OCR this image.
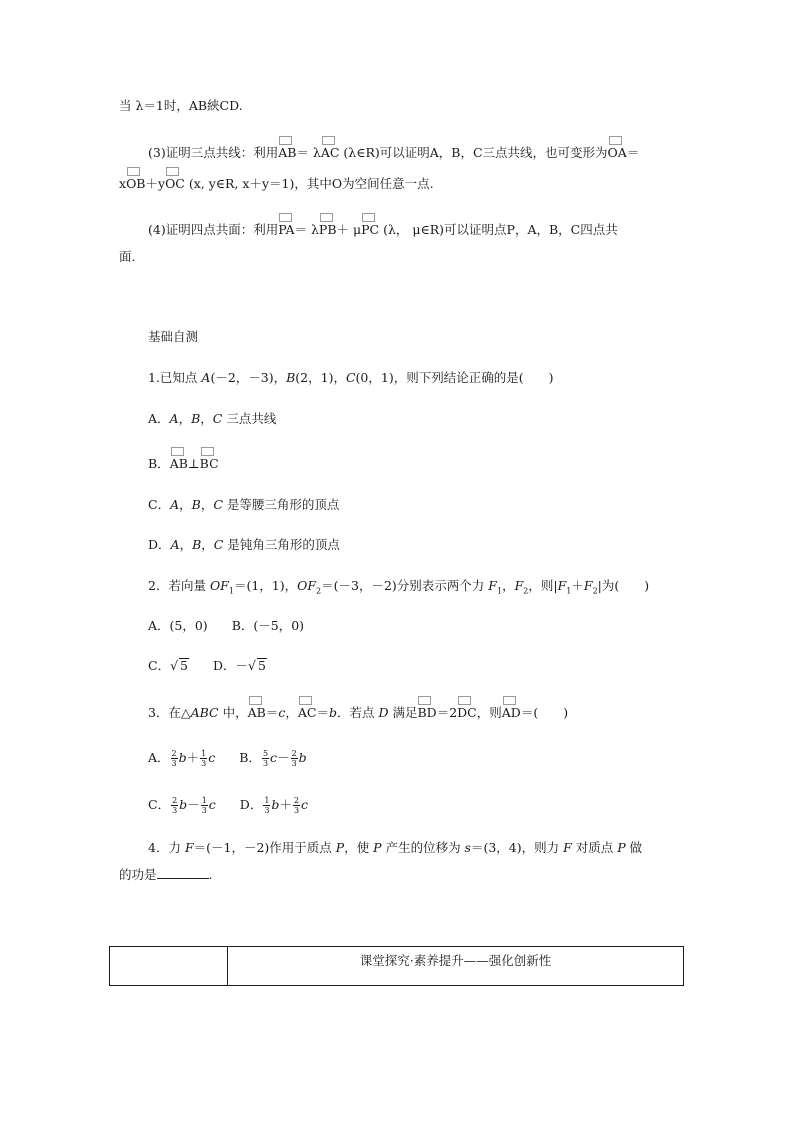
当 λ＝1时，AB綊CD.
(3)证明三点共线：利用AB＝ λAC (λ∈R)可以证明A，B，C三点共线，也可变形为OA＝
xOB＋yOC (x, y∈R, x＋y＝1)，其中O为空间任意一点.
(4)证明四点共面：利用PA＝ λPB＋ μPC (λ， μ∈R)可以证明点P，A，B，C四点共
面.
基础自测
1.已知点 A(－2，－3)，B(2，1)，C(0，1)，则下列结论正确的是(　　)
A．A，B，C 三点共线
B．AB⊥BC
C．A，B，C 是等腰三角形的顶点
D．A，B，C 是钝角三角形的顶点
2．若向量 $OF_1=(1$，1)，$OF_2=(-3$，－2)分别表示两个力 $F_1$，$F_2$，则$|F_1+F_2|$为(　　)
A．(5，0) B．(－5，0)
C．√ 5 D．－√ 5
3．在△ABC 中，AB＝c，AC＝b．若点 D 满足BD＝2DC，则AD＝(　　)
A． $\frac{2}{3} b+ \frac{1}{3}$ c B． $\frac{5}{3} c- \frac{2}{3}$ b
C． $\frac{2}{3} b- \frac{1}{3}$ c D． $\frac{1}{3} b+ \frac{2}{3}$ c
4．力 F＝(－1，－2)作用于质点 P，使 P 产生的位移为 s＝(3，4)，则力 F 对质点 P 做
的功是	.
课堂探究·素养提升——强化创新性
